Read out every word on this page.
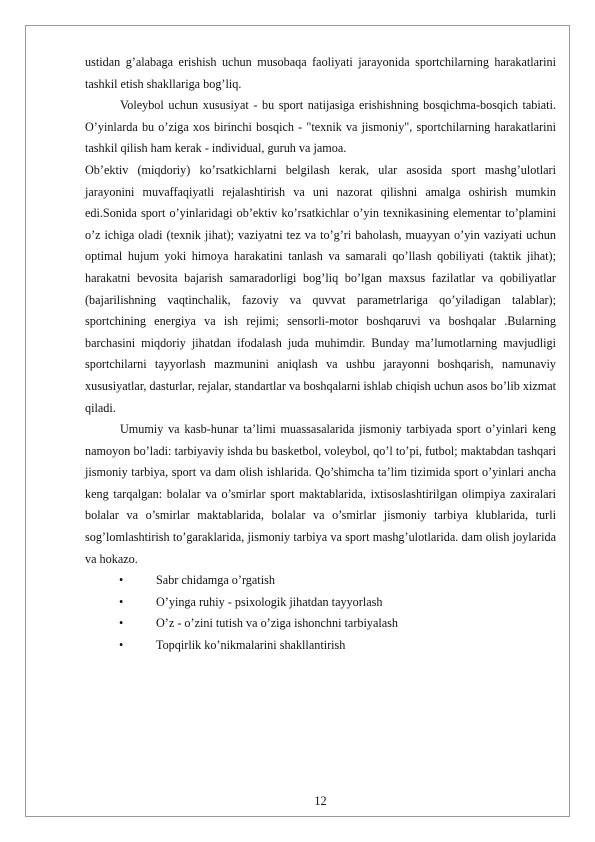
ustidan g’alabaga erishish uchun musobaqa faoliyati jarayonida sportchilarning harakatlarini tashkil etish shakllariga bog’liq.

Voleybol uchun xususiyat - bu sport natijasiga erishishning bosqichma-bosqich tabiati. O’yinlarda bu o’ziga xos birinchi bosqich - "texnik va jismoniy", sportchilarning harakatlarini tashkil qilish ham kerak - individual, guruh va jamoa.

Ob’ektiv (miqdoriy) ko’rsatkichlarni belgilash kerak, ular asosida sport mashg’ulotlari jarayonini muvaffaqiyatli rejalashtirish va uni nazorat qilishni amalga oshirish mumkin edi.Sonida sport o’yinlaridagi ob’ektiv ko’rsatkichlar o’yin texnikasining elementar to’plamini o’z ichiga oladi (texnik jihat); vaziyatni tez va to’g’ri baholash, muayyan o’yin vaziyati uchun optimal hujum yoki himoya harakatini tanlash va samarali qo’llash qobiliyati (taktik jihat); harakatni bevosita bajarish samaradorligi bog’liq bo’lgan maxsus fazilatlar va qobiliyatlar (bajarilishning vaqtinchalik, fazoviy va quvvat parametrlariga qo’yiladigan talablar); sportchining energiya va ish rejimi; sensorli-motor boshqaruvi va boshqalar .Bularning barchasini miqdoriy jihatdan ifodalash juda muhimdir. Bunday ma’lumotlarning mavjudligi sportchilarni tayyorlash mazmunini aniqlash va ushbu jarayonni boshqarish, namunaviy xususiyatlar, dasturlar, rejalar, standartlar va boshqalarni ishlab chiqish uchun asos bo’lib xizmat qiladi.

Umumiy va kasb-hunar ta’limi muassasalarida jismoniy tarbiyada sport o’yinlari keng namoyon bo’ladi: tarbiyaviy ishda bu basketbol, voleybol, qo’l to’pi, futbol; maktabdan tashqari jismoniy tarbiya, sport va dam olish ishlarida. Qo’shimcha ta’lim tizimida sport o’yinlari ancha keng tarqalgan: bolalar va o’smirlar sport maktablarida, ixtisoslashtirilgan olimpiya zaxiralari bolalar va o’smirlar maktablarida, bolalar va o’smirlar jismoniy tarbiya klublarida, turli sog’lomlashtirish to’garaklarida, jismoniy tarbiya va sport mashg’ulotlarida. dam olish joylarida va hokazo.

•	Sabr chidamga o’rgatish
•	O’yinga ruhiy - psixologik jihatdan tayyorlash
•	O’z - o’zini tutish va o’ziga ishonchni tarbiyalash
•	Topqirlik ko’nikmalarini shakllantirish
12
